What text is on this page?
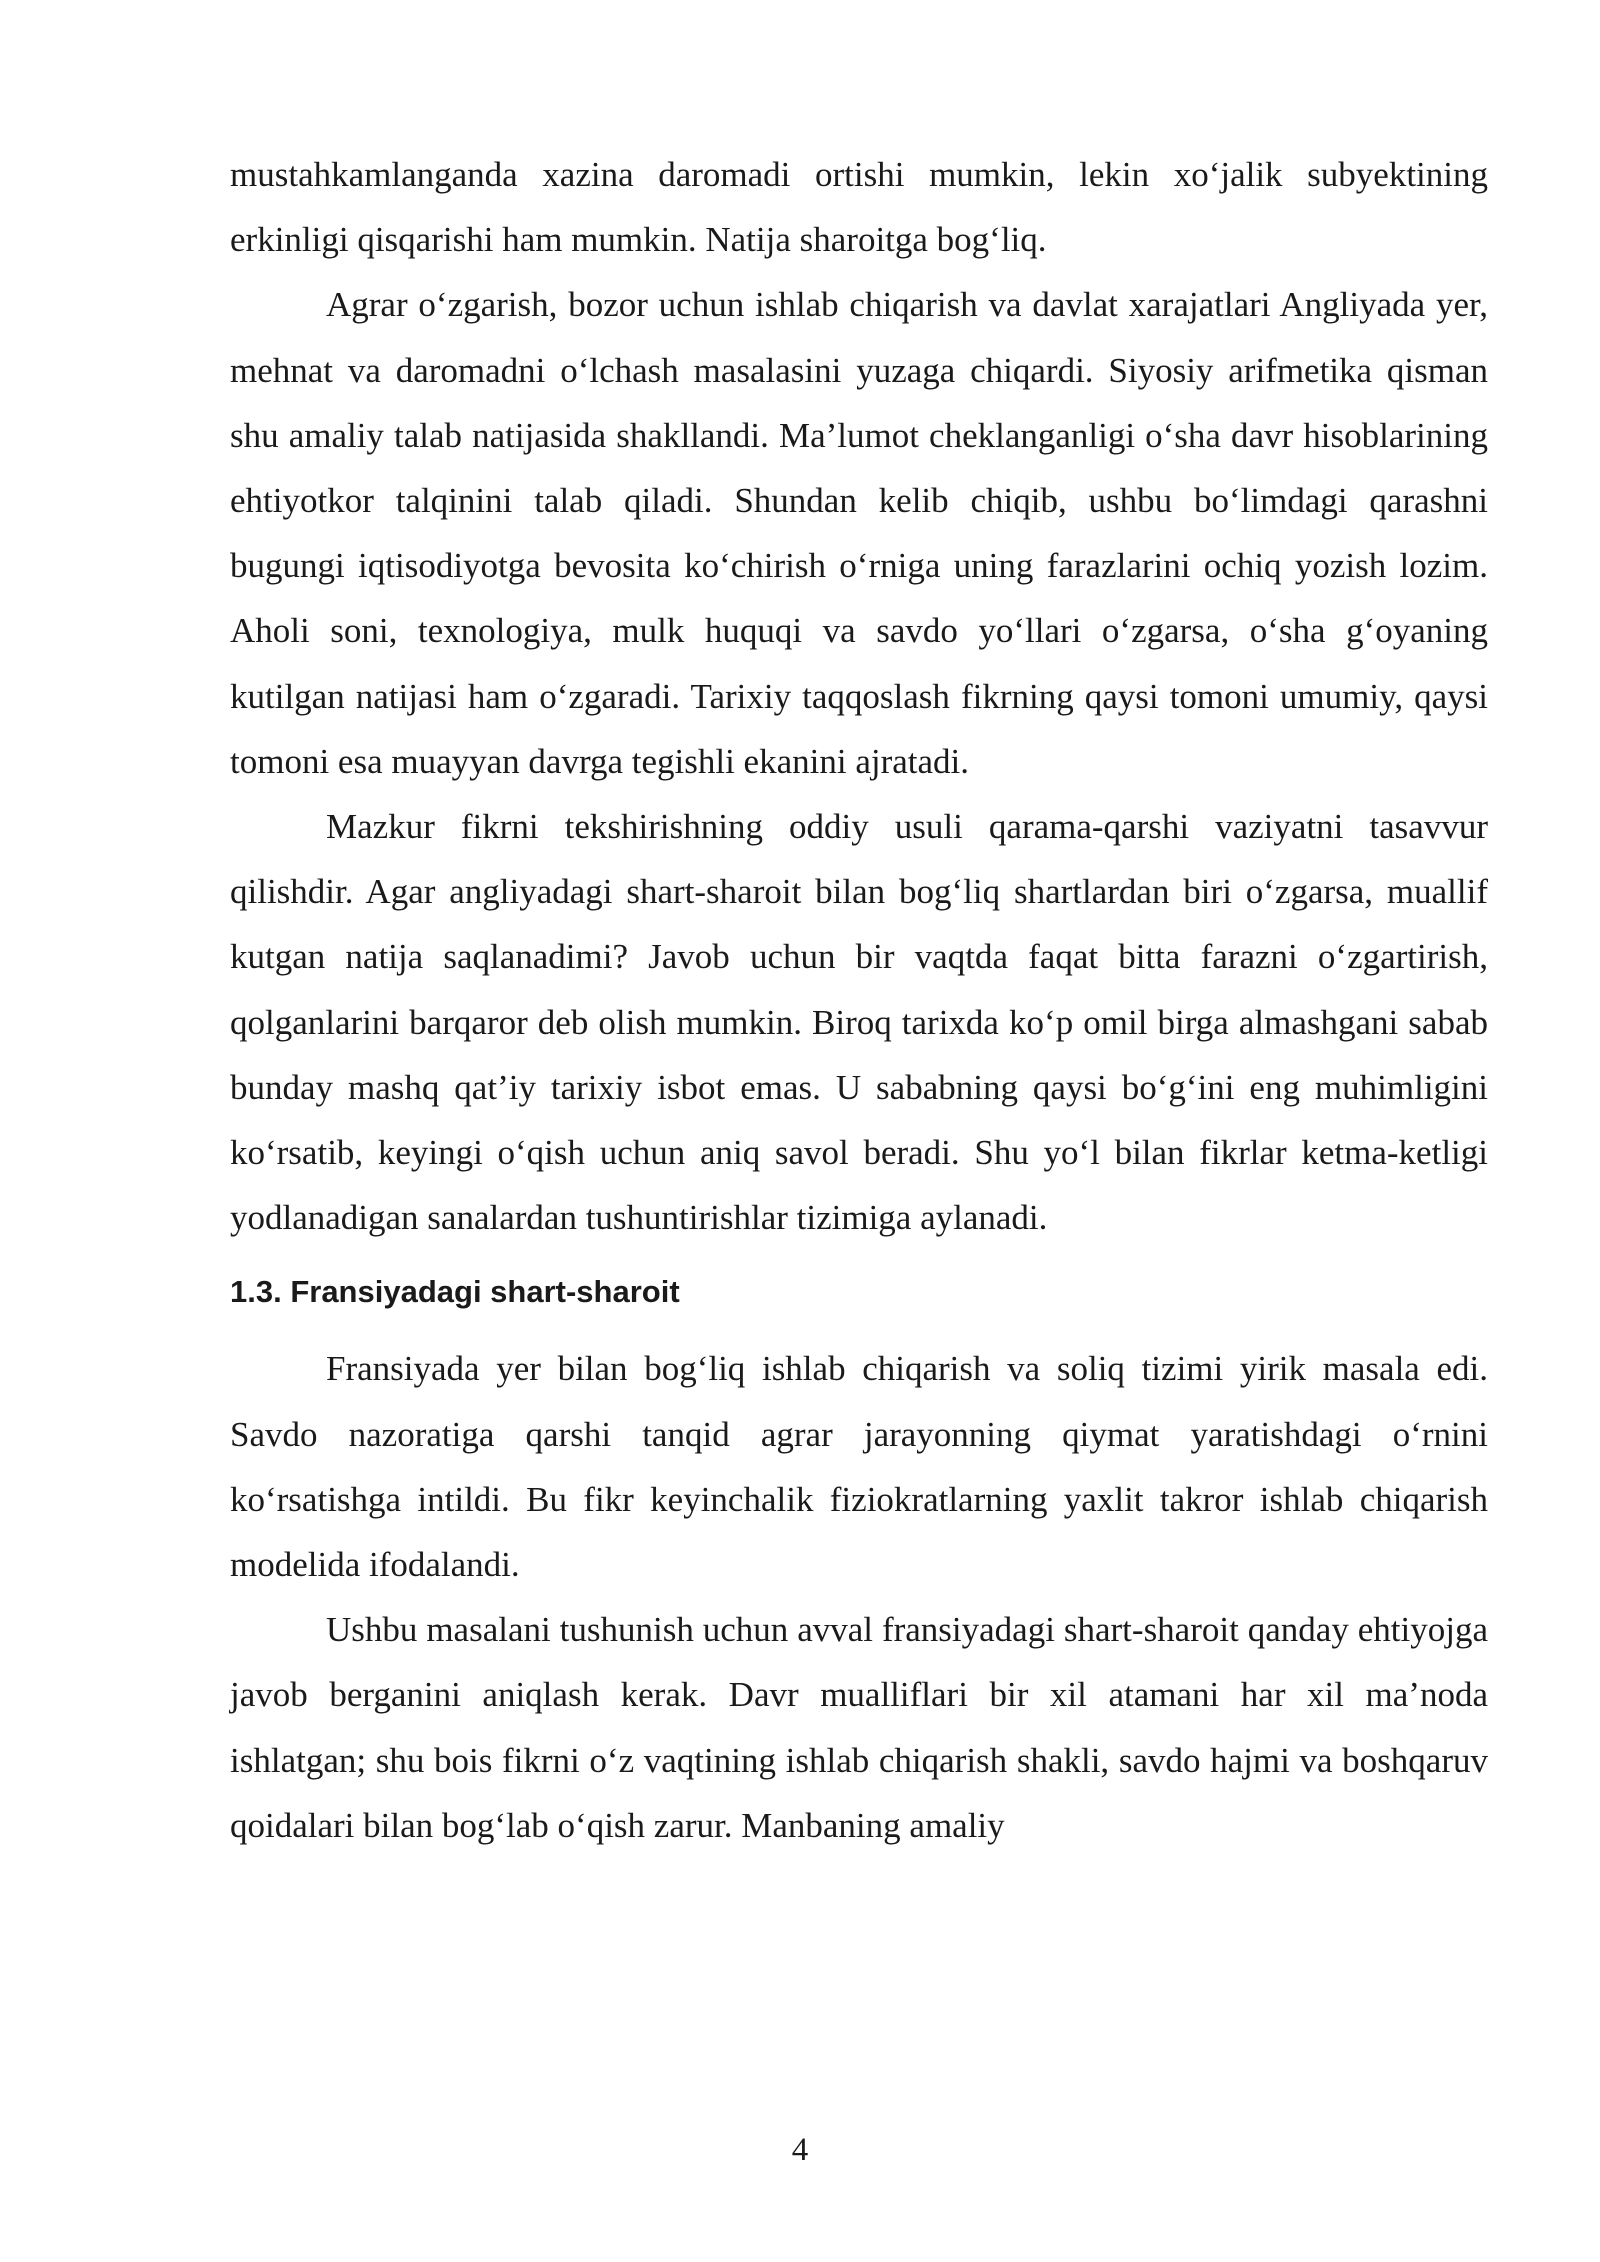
mustahkamlanganda xazina daromadi ortishi mumkin, lekin xo‘jalik subyektining erkinligi qisqarishi ham mumkin. Natija sharoitga bog‘liq.

Agrar o‘zgarish, bozor uchun ishlab chiqarish va davlat xarajatlari Angliyada yer, mehnat va daromadni o‘lchash masalasini yuzaga chiqardi. Siyosiy arifmetika qisman shu amaliy talab natijasida shakllandi. Ma’lumot cheklanganligi o‘sha davr hisoblarining ehtiyotkor talqinini talab qiladi. Shundan kelib chiqib, ushbu bo‘limdagi qarashni bugungi iqtisodiyotga bevosita ko‘chirish o‘rniga uning farazlarini ochiq yozish lozim. Aholi soni, texnologiya, mulk huquqi va savdo yo‘llari o‘zgarsa, o‘sha g‘oyaning kutilgan natijasi ham o‘zgaradi. Tarixiy taqqoslash fikrning qaysi tomoni umumiy, qaysi tomoni esa muayyan davrga tegishli ekanini ajratadi.

Mazkur fikrni tekshirishning oddiy usuli qarama-qarshi vaziyatni tasavvur qilishdir. Agar angliyadagi shart-sharoit bilan bog‘liq shartlardan biri o‘zgarsa, muallif kutgan natija saqlanadimi? Javob uchun bir vaqtda faqat bitta farazni o‘zgartirish, qolganlarini barqaror deb olish mumkin. Biroq tarixda ko‘p omil birga almashgani sabab bunday mashq qat’iy tarixiy isbot emas. U sababning qaysi bo‘g‘ini eng muhimligini ko‘rsatib, keyingi o‘qish uchun aniq savol beradi. Shu yo‘l bilan fikrlar ketma-ketligi yodlanadigan sanalardan tushuntirishlar tizimiga aylanadi.

1.3. Fransiyadagi shart-sharoit

Fransiyada yer bilan bog‘liq ishlab chiqarish va soliq tizimi yirik masala edi. Savdo nazoratiga qarshi tanqid agrar jarayonning qiymat yaratishdagi o‘rnini ko‘rsatishga intildi. Bu fikr keyinchalik fiziokratlarning yaxlit takror ishlab chiqarish modelida ifodalandi.

Ushbu masalani tushunish uchun avval fransiyadagi shart-sharoit qanday ehtiyojga javob berganini aniqlash kerak. Davr mualliflari bir xil atamani har xil ma’noda ishlatgan; shu bois fikrni o‘z vaqtining ishlab chiqarish shakli, savdo hajmi va boshqaruv qoidalari bilan bog‘lab o‘qish zarur. Manbaning amaliy

4
